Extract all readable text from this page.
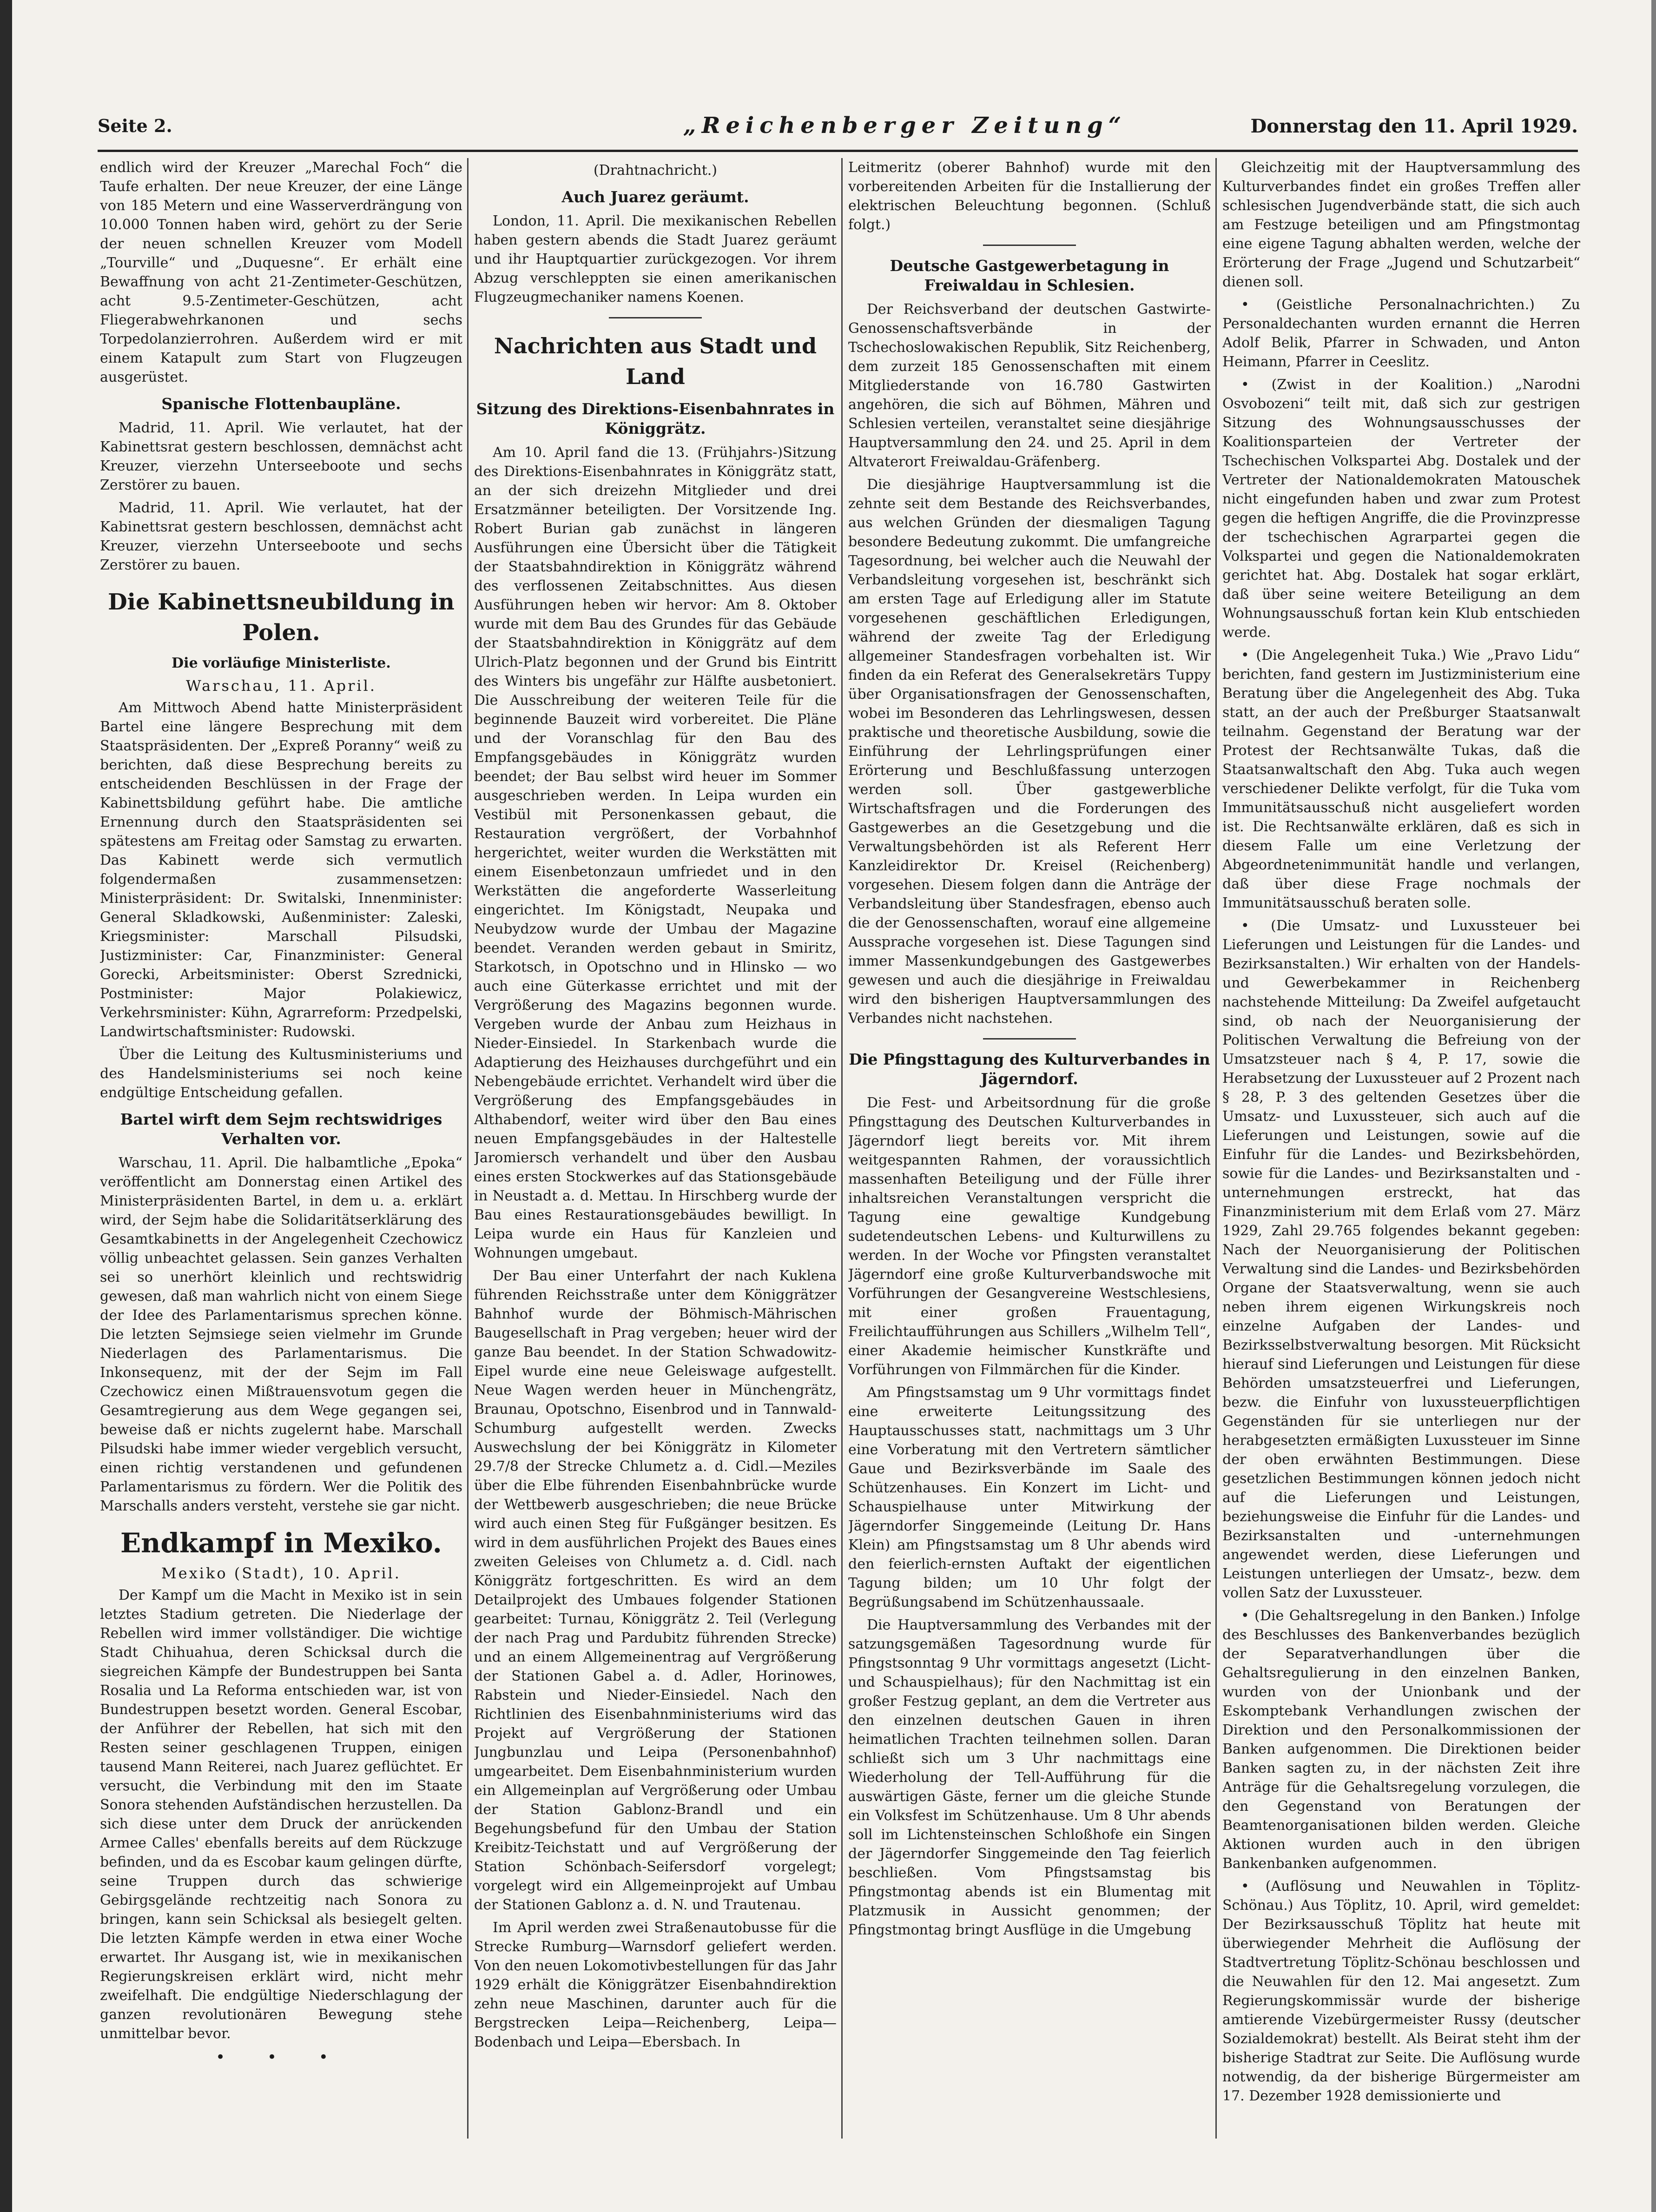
Seite 2.	„Reichenberger Zeitung“	Donnerstag den 11. April 1929.

endlich wird der Kreuzer „Marechal Foch“ die Taufe erhalten. Der neue Kreuzer, der eine Länge von 185 Metern und eine Wasserverdrängung von 10.000 Tonnen haben wird, gehört zu der Serie der neuen schnellen Kreuzer vom Modell „Tourville“ und „Duquesne“. Er erhält eine Bewaffnung von acht 21-Zentimeter-Geschützen, acht 9.5-Zentimeter-Geschützen, acht Fliegerabwehrkanonen und sechs Torpedolanzierrohren. Außerdem wird er mit einem Katapult zum Start von Flugzeugen ausgerüstet.

Spanische Flottenbaupläne.

Madrid, 11. April. Wie verlautet, hat der Kabinettsrat gestern beschlossen, demnächst acht Kreuzer, vierzehn Unterseeboote und sechs Zerstörer zu bauen.

Madrid, 11. April. Wie verlautet, hat der Kabinettsrat gestern beschlossen, demnächst acht Kreuzer, vierzehn Unterseeboote und sechs Zerstörer zu bauen.

Die Kabinettsneubildung in Polen.
Die vorläufige Ministerliste.
Warschau, 11. April.

Am Mittwoch Abend hatte Ministerpräsident Bartel eine längere Besprechung mit dem Staatspräsidenten. Der „Expreß Poranny“ weiß zu berichten, daß diese Besprechung bereits zu entscheidenden Beschlüssen in der Frage der Kabinettsbildung geführt habe. Die amtliche Ernennung durch den Staatspräsidenten sei spätestens am Freitag oder Samstag zu erwarten. Das Kabinett werde sich vermutlich folgendermaßen zusammensetzen: Ministerpräsident: Dr. Switalski, Innenminister: General Skladkowski, Außenminister: Zaleski, Kriegsminister: Marschall Pilsudski, Justizminister: Car, Finanzminister: General Gorecki, Arbeitsminister: Oberst Szrednicki, Postminister: Major Polakiewicz, Verkehrsminister: Kühn, Agrarreform: Przedpelski, Landwirtschaftsminister: Rudowski.

Über die Leitung des Kultusministeriums und des Handelsministeriums sei noch keine endgültige Entscheidung gefallen.

Bartel wirft dem Sejm rechtswidriges Verhalten vor.

Warschau, 11. April. Die halbamtliche „Epoka“ veröffentlicht am Donnerstag einen Artikel des Ministerpräsidenten Bartel, in dem u. a. erklärt wird, der Sejm habe die Solidaritätserklärung des Gesamtkabinetts in der Angelegenheit Czechowicz völlig unbeachtet gelassen. Sein ganzes Verhalten sei so unerhört kleinlich und rechtswidrig gewesen, daß man wahrlich nicht von einem Siege der Idee des Parlamentarismus sprechen könne. Die letzten Sejmsiege seien vielmehr im Grunde Niederlagen des Parlamentarismus. Die Inkonsequenz, mit der der Sejm im Fall Czechowicz einen Mißtrauensvotum gegen die Gesamtregierung aus dem Wege gegangen sei, beweise daß er nichts zugelernt habe. Marschall Pilsudski habe immer wieder vergeblich versucht, einen richtig verstandenen und gefundenen Parlamentarismus zu fördern. Wer die Politik des Marschalls anders versteht, verstehe sie gar nicht.

Endkampf in Mexiko.
Mexiko (Stadt), 10. April.

Der Kampf um die Macht in Mexiko ist in sein letztes Stadium getreten. Die Niederlage der Rebellen wird immer vollständiger. Die wichtige Stadt Chihuahua, deren Schicksal durch die siegreichen Kämpfe der Bundestruppen bei Santa Rosalia und La Reforma entschieden war, ist von Bundestruppen besetzt worden. General Escobar, der Anführer der Rebellen, hat sich mit den Resten seiner geschlagenen Truppen, einigen tausend Mann Reiterei, nach Juarez geflüchtet. Er versucht, die Verbindung mit den im Staate Sonora stehenden Aufständischen herzustellen. Da sich diese unter dem Druck der anrückenden Armee Calles' ebenfalls bereits auf dem Rückzuge befinden, und da es Escobar kaum gelingen dürfte, seine Truppen durch das schwierige Gebirgsgelände rechtzeitig nach Sonora zu bringen, kann sein Schicksal als besiegelt gelten. Die letzten Kämpfe werden in etwa einer Woche erwartet. Ihr Ausgang ist, wie in mexikanischen Regierungskreisen erklärt wird, nicht mehr zweifelhaft. Die endgültige Niederschlagung der ganzen revolutionären Bewegung stehe unmittelbar bevor.

• • •
(Drahtnachricht.)
Auch Juarez geräumt.

London, 11. April. Die mexikanischen Rebellen haben gestern abends die Stadt Juarez geräumt und ihr Hauptquartier zurückgezogen. Vor ihrem Abzug verschleppten sie einen amerikanischen Flugzeugmechaniker namens Koenen.

Nachrichten aus Stadt und Land
Sitzung des Direktions-Eisenbahnrates in Königgrätz.

Am 10. April fand die 13. (Frühjahrs-)Sitzung des Direktions-Eisenbahnrates in Königgrätz statt, an der sich dreizehn Mitglieder und drei Ersatzmänner beteiligten. Der Vorsitzende Ing. Robert Burian gab zunächst in längeren Ausführungen eine Übersicht über die Tätigkeit der Staatsbahndirektion in Königgrätz während des verflossenen Zeitabschnittes. Aus diesen Ausführungen heben wir hervor: Am 8. Oktober wurde mit dem Bau des Grundes für das Gebäude der Staatsbahndirektion in Königgrätz auf dem Ulrich-Platz begonnen und der Grund bis Eintritt des Winters bis ungefähr zur Hälfte ausbetoniert. Die Ausschreibung der weiteren Teile für die beginnende Bauzeit wird vorbereitet. Die Pläne und der Voranschlag für den Bau des Empfangsgebäudes in Königgrätz wurden beendet; der Bau selbst wird heuer im Sommer ausgeschrieben werden. In Leipa wurden ein Vestibül mit Personenkassen gebaut, die Restauration vergrößert, der Vorbahnhof hergerichtet, weiter wurden die Werkstätten mit einem Eisenbetonzaun umfriedet und in den Werkstätten die angeforderte Wasserleitung eingerichtet. Im Königstadt, Neupaka und Neubydzow wurde der Umbau der Magazine beendet. Veranden werden gebaut in Smiritz, Starkotsch, in Opotschno und in Hlinsko — wo auch eine Güterkasse errichtet und mit der Vergrößerung des Magazins begonnen wurde. Vergeben wurde der Anbau zum Heizhaus in Nieder-Einsiedel. In Starkenbach wurde die Adaptierung des Heizhauses durchgeführt und ein Nebengebäude errichtet. Verhandelt wird über die Vergrößerung des Empfangsgebäudes in Althabendorf, weiter wird über den Bau eines neuen Empfangsgebäudes in der Haltestelle Jaromiersch verhandelt und über den Ausbau eines ersten Stockwerkes auf das Stationsgebäude in Neustadt a. d. Mettau. In Hirschberg wurde der Bau eines Restaurationsgebäudes bewilligt. In Leipa wurde ein Haus für Kanzleien und Wohnungen umgebaut.

Der Bau einer Unterfahrt der nach Kuklena führenden Reichsstraße unter dem Königgrätzer Bahnhof wurde der Böhmisch-Mährischen Baugesellschaft in Prag vergeben; heuer wird der ganze Bau beendet. In der Station Schwadowitz-Eipel wurde eine neue Geleiswage aufgestellt. Neue Wagen werden heuer in Münchengrätz, Braunau, Opotschno, Eisenbrod und in Tannwald-Schumburg aufgestellt werden. Zwecks Auswechslung der bei Königgrätz in Kilometer 29.7/8 der Strecke Chlumetz a. d. Cidl.—Meziles über die Elbe führenden Eisenbahnbrücke wurde der Wettbewerb ausgeschrieben; die neue Brücke wird auch einen Steg für Fußgänger besitzen. Es wird in dem ausführlichen Projekt des Baues eines zweiten Geleises von Chlumetz a. d. Cidl. nach Königgrätz fortgeschritten. Es wird an dem Detailprojekt des Umbaues folgender Stationen gearbeitet: Turnau, Königgrätz 2. Teil (Verlegung der nach Prag und Pardubitz führenden Strecke) und an einem Allgemeinentrag auf Vergrößerung der Stationen Gabel a. d. Adler, Horinowes, Rabstein und Nieder-Einsiedel. Nach den Richtlinien des Eisenbahnministeriums wird das Projekt auf Vergrößerung der Stationen Jungbunzlau und Leipa (Personenbahnhof) umgearbeitet. Dem Eisenbahnministerium wurden ein Allgemeinplan auf Vergrößerung oder Umbau der Station Gablonz-Brandl und ein Begehungsbefund für den Umbau der Station Kreibitz-Teichstatt und auf Vergrößerung der Station Schönbach-Seifersdorf vorgelegt; vorgelegt wird ein Allgemeinprojekt auf Umbau der Stationen Gablonz a. d. N. und Trautenau.

Im April werden zwei Straßenautobusse für die Strecke Rumburg—Warnsdorf geliefert werden. Von den neuen Lokomotivbestellungen für das Jahr 1929 erhält die Königgrätzer Eisenbahndirektion zehn neue Maschinen, darunter auch für die Bergstrecken Leipa—Reichenberg, Leipa—Bodenbach und Leipa—Ebersbach. In

Leitmeritz (oberer Bahnhof) wurde mit den vorbereitenden Arbeiten für die Installierung der elektrischen Beleuchtung begonnen. (Schluß folgt.)

Deutsche Gastgewerbetagung in Freiwaldau in Schlesien.

Der Reichsverband der deutschen Gastwirte-Genossenschaftsverbände in der Tschechoslowakischen Republik, Sitz Reichenberg, dem zurzeit 185 Genossenschaften mit einem Mitgliederstande von 16.780 Gastwirten angehören, die sich auf Böhmen, Mähren und Schlesien verteilen, veranstaltet seine diesjährige Hauptversammlung den 24. und 25. April in dem Altvaterort Freiwaldau-Gräfenberg.

Die diesjährige Hauptversammlung ist die zehnte seit dem Bestande des Reichsverbandes, aus welchen Gründen der diesmaligen Tagung besondere Bedeutung zukommt. Die umfangreiche Tagesordnung, bei welcher auch die Neuwahl der Verbandsleitung vorgesehen ist, beschränkt sich am ersten Tage auf Erledigung aller im Statute vorgesehenen geschäftlichen Erledigungen, während der zweite Tag der Erledigung allgemeiner Standesfragen vorbehalten ist. Wir finden da ein Referat des Generalsekretärs Tuppy über Organisationsfragen der Genossenschaften, wobei im Besonderen das Lehrlingswesen, dessen praktische und theoretische Ausbildung, sowie die Einführung der Lehrlingsprüfungen einer Erörterung und Beschlußfassung unterzogen werden soll. Über gastgewerbliche Wirtschaftsfragen und die Forderungen des Gastgewerbes an die Gesetzgebung und die Verwaltungsbehörden ist als Referent Herr Kanzleidirektor Dr. Kreisel (Reichenberg) vorgesehen. Diesem folgen dann die Anträge der Verbandsleitung über Standesfragen, ebenso auch die der Genossenschaften, worauf eine allgemeine Aussprache vorgesehen ist. Diese Tagungen sind immer Massenkundgebungen des Gastgewerbes gewesen und auch die diesjährige in Freiwaldau wird den bisherigen Hauptversammlungen des Verbandes nicht nachstehen.

Die Pfingsttagung des Kulturverbandes in Jägerndorf.

Die Fest- und Arbeitsordnung für die große Pfingsttagung des Deutschen Kulturverbandes in Jägerndorf liegt bereits vor. Mit ihrem weitgespannten Rahmen, der voraussichtlich massenhaften Beteiligung und der Fülle ihrer inhaltsreichen Veranstaltungen verspricht die Tagung eine gewaltige Kundgebung sudetendeutschen Lebens- und Kulturwillens zu werden. In der Woche vor Pfingsten veranstaltet Jägerndorf eine große Kulturverbandswoche mit Vorführungen der Gesangvereine Westschlesiens, mit einer großen Frauentagung, Freilichtaufführungen aus Schillers „Wilhelm Tell“, einer Akademie heimischer Kunstkräfte und Vorführungen von Filmmärchen für die Kinder.

Am Pfingstsamstag um 9 Uhr vormittags findet eine erweiterte Leitungssitzung des Hauptausschusses statt, nachmittags um 3 Uhr eine Vorberatung mit den Vertretern sämtlicher Gaue und Bezirksverbände im Saale des Schützenhauses. Ein Konzert im Licht- und Schauspielhause unter Mitwirkung der Jägerndorfer Singgemeinde (Leitung Dr. Hans Klein) am Pfingstsamstag um 8 Uhr abends wird den feierlich-ernsten Auftakt der eigentlichen Tagung bilden; um 10 Uhr folgt der Begrüßungsabend im Schützenhaussaale.

Die Hauptversammlung des Verbandes mit der satzungsgemäßen Tagesordnung wurde für Pfingstsonntag 9 Uhr vormittags angesetzt (Licht- und Schauspielhaus); für den Nachmittag ist ein großer Festzug geplant, an dem die Vertreter aus den einzelnen deutschen Gauen in ihren heimatlichen Trachten teilnehmen sollen. Daran schließt sich um 3 Uhr nachmittags eine Wiederholung der Tell-Aufführung für die auswärtigen Gäste, ferner um die gleiche Stunde ein Volksfest im Schützenhause. Um 8 Uhr abends soll im Lichtensteinschen Schloßhofe ein Singen der Jägerndorfer Singgemeinde den Tag feierlich beschließen. Vom Pfingstsamstag bis Pfingstmontag abends ist ein Blumentag mit Platzmusik in Aussicht genommen; der Pfingstmontag bringt Ausflüge in die Umgebung

Gleichzeitig mit der Hauptversammlung des Kulturverbandes findet ein großes Treffen aller schlesischen Jugendverbände statt, die sich auch am Festzuge beteiligen und am Pfingstmontag eine eigene Tagung abhalten werden, welche der Erörterung der Frage „Jugend und Schutzarbeit“ dienen soll.

• (Geistliche Personalnachrichten.) Zu Personaldechanten wurden ernannt die Herren Adolf Belik, Pfarrer in Schwaden, und Anton Heimann, Pfarrer in Ceeslitz.

• (Zwist in der Koalition.) „Narodni Osvobozeni“ teilt mit, daß sich zur gestrigen Sitzung des Wohnungsausschusses der Koalitionsparteien der Vertreter der Tschechischen Volkspartei Abg. Dostalek und der Vertreter der Nationaldemokraten Matouschek nicht eingefunden haben und zwar zum Protest gegen die heftigen Angriffe, die die Provinzpresse der tschechischen Agrarpartei gegen die Volkspartei und gegen die Nationaldemokraten gerichtet hat. Abg. Dostalek hat sogar erklärt, daß über seine weitere Beteiligung an dem Wohnungsausschuß fortan kein Klub entschieden werde.

• (Die Angelegenheit Tuka.) Wie „Pravo Lidu“ berichten, fand gestern im Justizministerium eine Beratung über die Angelegenheit des Abg. Tuka statt, an der auch der Preßburger Staatsanwalt teilnahm. Gegenstand der Beratung war der Protest der Rechtsanwälte Tukas, daß die Staatsanwaltschaft den Abg. Tuka auch wegen verschiedener Delikte verfolgt, für die Tuka vom Immunitätsausschuß nicht ausgeliefert worden ist. Die Rechtsanwälte erklären, daß es sich in diesem Falle um eine Verletzung der Abgeordnetenimmunität handle und verlangen, daß über diese Frage nochmals der Immunitätsausschuß beraten solle.

• (Die Umsatz- und Luxussteuer bei Lieferungen und Leistungen für die Landes- und Bezirksanstalten.) Wir erhalten von der Handels- und Gewerbekammer in Reichenberg nachstehende Mitteilung: Da Zweifel aufgetaucht sind, ob nach der Neuorganisierung der Politischen Verwaltung die Befreiung von der Umsatzsteuer nach § 4, P. 17, sowie die Herabsetzung der Luxussteuer auf 2 Prozent nach § 28, P. 3 des geltenden Gesetzes über die Umsatz- und Luxussteuer, sich auch auf die Lieferungen und Leistungen, sowie auf die Einfuhr für die Landes- und Bezirksbehörden, sowie für die Landes- und Bezirksanstalten und -unternehmungen erstreckt, hat das Finanzministerium mit dem Erlaß vom 27. März 1929, Zahl 29.765 folgendes bekannt gegeben: Nach der Neuorganisierung der Politischen Verwaltung sind die Landes- und Bezirksbehörden Organe der Staatsverwaltung, wenn sie auch neben ihrem eigenen Wirkungskreis noch einzelne Aufgaben der Landes- und Bezirksselbstverwaltung besorgen. Mit Rücksicht hierauf sind Lieferungen und Leistungen für diese Behörden umsatzsteuerfrei und Lieferungen, bezw. die Einfuhr von luxussteuerpflichtigen Gegenständen für sie unterliegen nur der herabgesetzten ermäßigten Luxussteuer im Sinne der oben erwähnten Bestimmungen. Diese gesetzlichen Bestimmungen können jedoch nicht auf die Lieferungen und Leistungen, beziehungsweise die Einfuhr für die Landes- und Bezirksanstalten und -unternehmungen angewendet werden, diese Lieferungen und Leistungen unterliegen der Umsatz-, bezw. dem vollen Satz der Luxussteuer.

• (Die Gehaltsregelung in den Banken.) Infolge des Beschlusses des Bankenverbandes bezüglich der Separatverhandlungen über die Gehaltsregulierung in den einzelnen Banken, wurden von der Unionbank und der Eskomptebank Verhandlungen zwischen der Direktion und den Personalkommissionen der Banken aufgenommen. Die Direktionen beider Banken sagten zu, in der nächsten Zeit ihre Anträge für die Gehaltsregelung vorzulegen, die den Gegenstand von Beratungen der Beamtenorganisationen bilden werden. Gleiche Aktionen wurden auch in den übrigen Bankenbanken aufgenommen.

• (Auflösung und Neuwahlen in Töplitz-Schönau.) Aus Töplitz, 10. April, wird gemeldet: Der Bezirksausschuß Töplitz hat heute mit überwiegender Mehrheit die Auflösung der Stadtvertretung Töplitz-Schönau beschlossen und die Neuwahlen für den 12. Mai angesetzt. Zum Regierungskommissär wurde der bisherige amtierende Vizebürgermeister Russy (deutscher Sozialdemokrat) bestellt. Als Beirat steht ihm der bisherige Stadtrat zur Seite. Die Auflösung wurde notwendig, da der bisherige Bürgermeister am 17. Dezember 1928 demissionierte und
